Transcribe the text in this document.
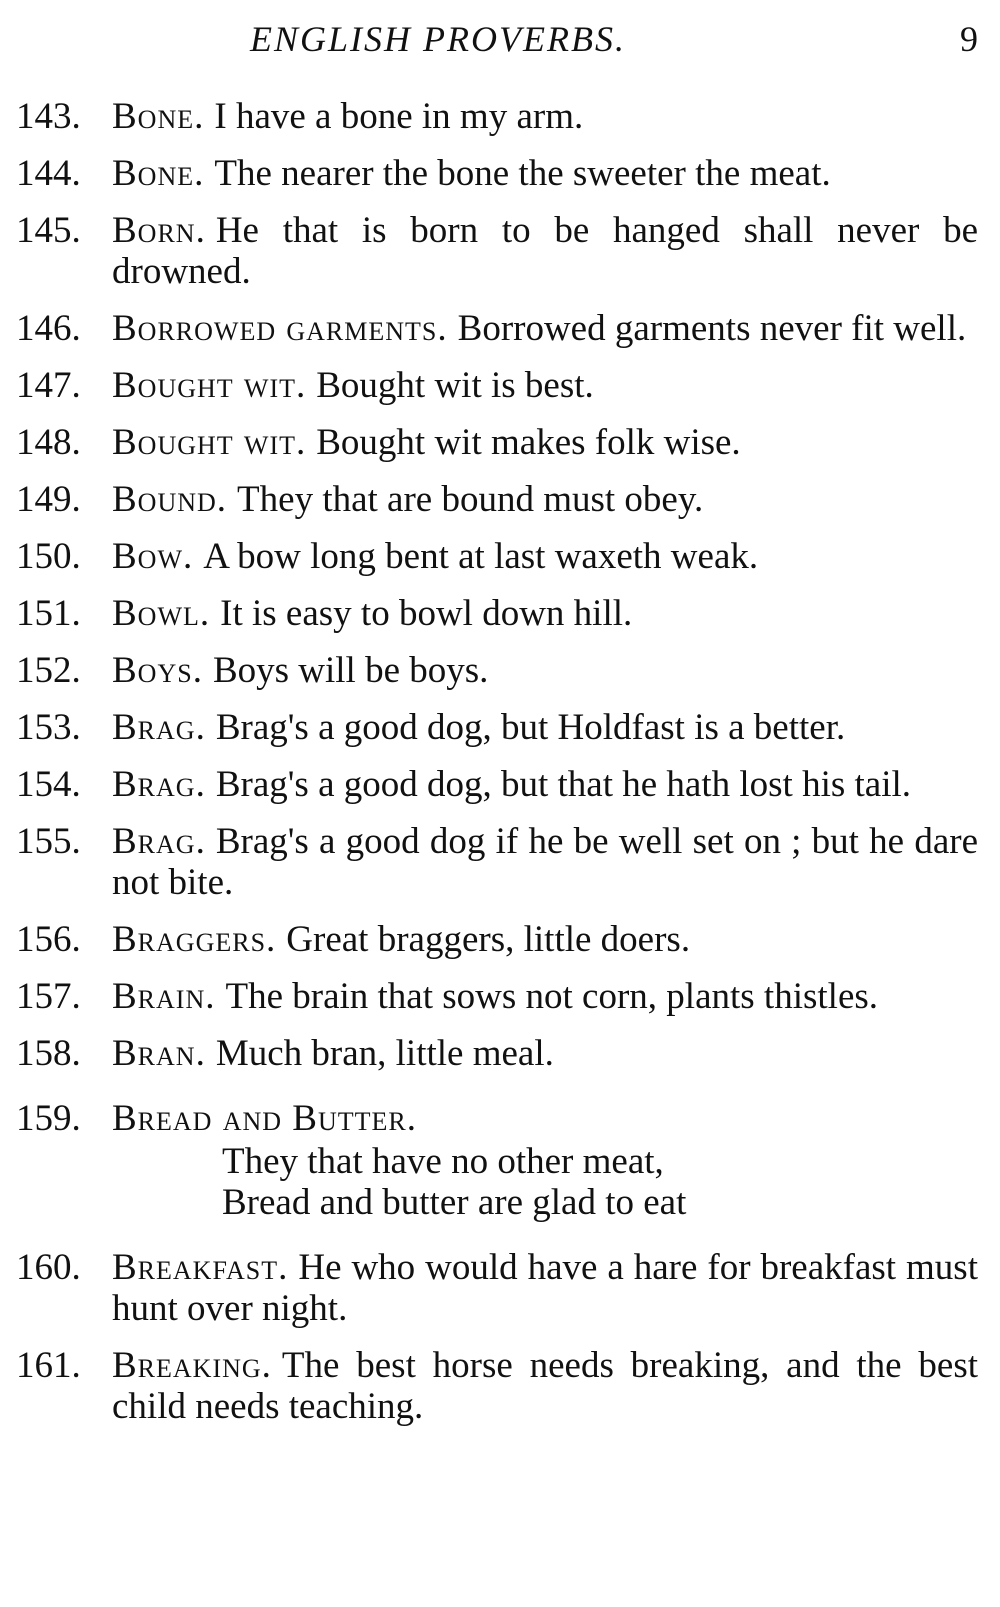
ENGLISH PROVERBS.	9
143. Bone. I have a bone in my arm.
144. Bone. The nearer the bone the sweeter the meat.
145. Born. He that is born to be hanged shall never be drowned.
146. Borrowed garments. Borrowed garments never fit well.
147. Bought wit. Bought wit is best.
148. Bought wit. Bought wit makes folk wise.
149. Bound. They that are bound must obey.
150. Bow. A bow long bent at last waxeth weak.
151. Bowl. It is easy to bowl down hill.
152. Boys. Boys will be boys.
153. Brag. Brag's a good dog, but Holdfast is a better.
154. Brag. Brag's a good dog, but that he hath lost his tail.
155. Brag. Brag's a good dog if he be well set on ; but he dare not bite.
156. Braggers. Great braggers, little doers.
157. Brain. The brain that sows not corn, plants thistles.
158. Bran. Much bran, little meal.
159. Bread and Butter.
They that have no other meat,
Bread and butter are glad to eat
160. Breakfast. He who would have a hare for breakfast must hunt over night.
161. Breaking. The best horse needs breaking, and the best child needs teaching.
